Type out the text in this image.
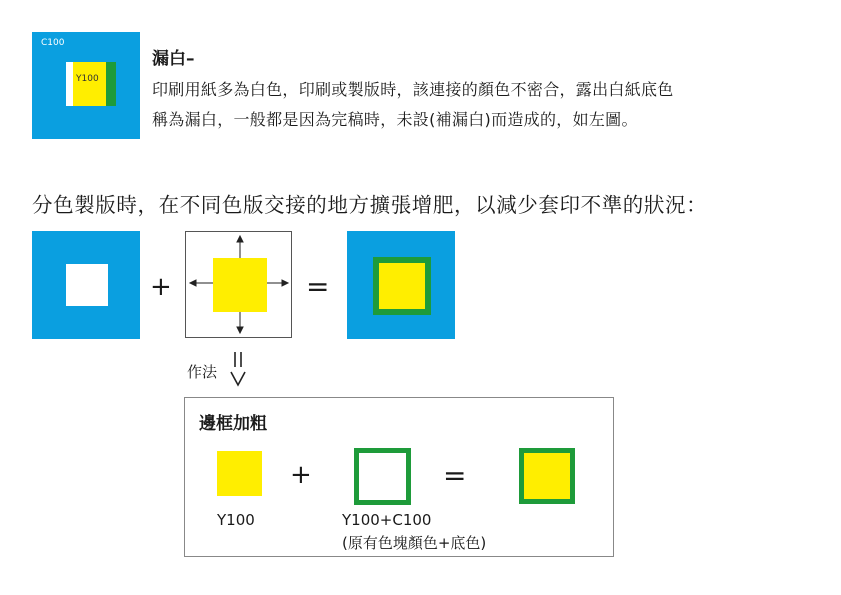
C100
Y100
漏白–
印刷用紙多為白色，印刷或製版時，該連接的顏色不密合，露出白紙底色
稱為漏白，一般都是因為完稿時，未設(補漏白)而造成的，如左圖。
分色製版時，在不同色版交接的地方擴張增肥，以減少套印不準的狀況：
+	=
作法
邊框加粗
+	=
Y100	Y100+C100
(原有色塊顏色+底色)
